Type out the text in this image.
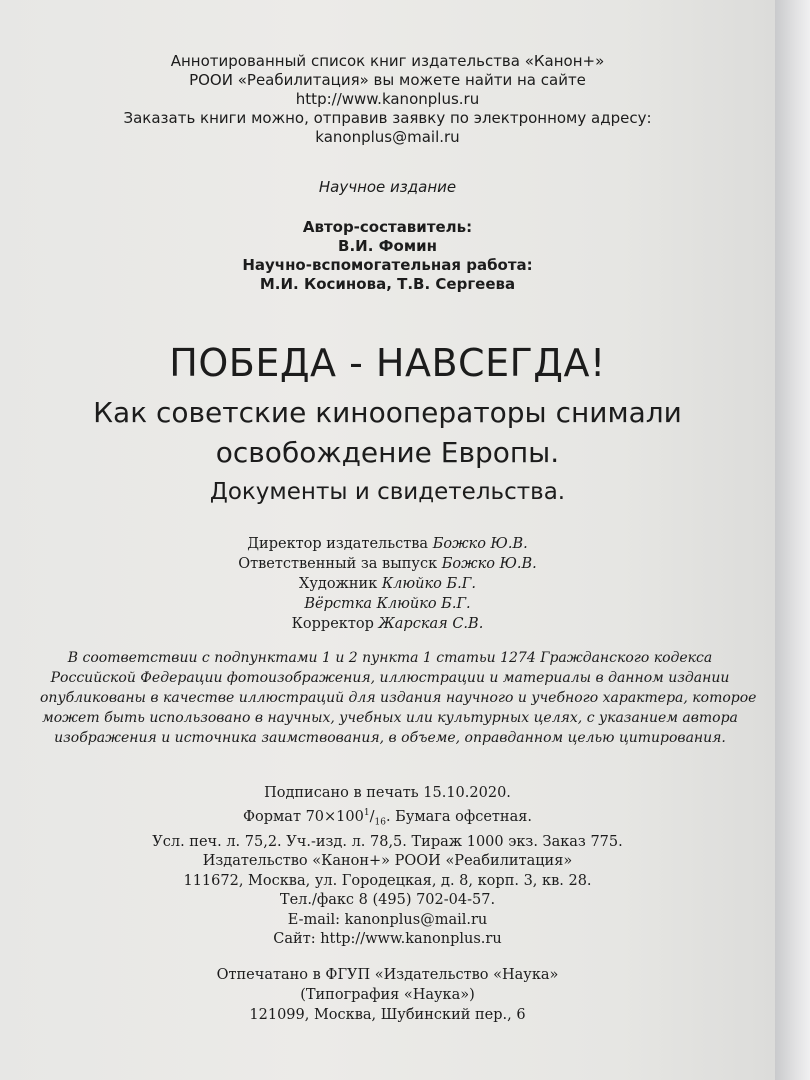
Аннотированный список книг издательства «Канон+»
РООИ «Реабилитация» вы можете найти на сайте
http://www.kanonplus.ru
Заказать книги можно, отправив заявку по электронному адресу:
kanonplus@mail.ru
Научное издание
Автор-составитель:
В.И. Фомин
Научно-вспомогательная работа:
М.И. Косинова, Т.В. Сергеева
ПОБЕДА - НАВСЕГДА!
Как советские кинооператоры снимали
освобождение Европы.
Документы и свидетельства.
Директор издательства Божко Ю.В.
Ответственный за выпуск Божко Ю.В.
Художник Клюйко Б.Г.
Вёрстка Клюйко Б.Г.
Корректор Жарская С.В.
В соответствии с подпунктами 1 и 2 пункта 1 статьи 1274 Гражданского кодекса
Российской Федерации фотоизображения, иллюстрации и материалы в данном издании
опубликованы в качестве иллюстраций для издания научного и учебного характера, которое
может быть использовано в научных, учебных или культурных целях, с указанием автора
изображения и источника заимствования, в объеме, оправданном целью цитирования.
Подписано в печать 15.10.2020.
Формат $70\times 100^1/_{16}$. Бумага офсетная.
Усл. печ. л. 75,2. Уч.-изд. л. 78,5. Тираж 1000 экз. Заказ 775.
Издательство «Канон+» РООИ «Реабилитация»
111672, Москва, ул. Городецкая, д. 8, корп. 3, кв. 28.
Тел./факс 8 (495) 702-04-57.
E-mail: kanonplus@mail.ru
Сайт: http://www.kanonplus.ru
Отпечатано в ФГУП «Издательство «Наука»
(Типография «Наука»)
121099, Москва, Шубинский пер., 6
